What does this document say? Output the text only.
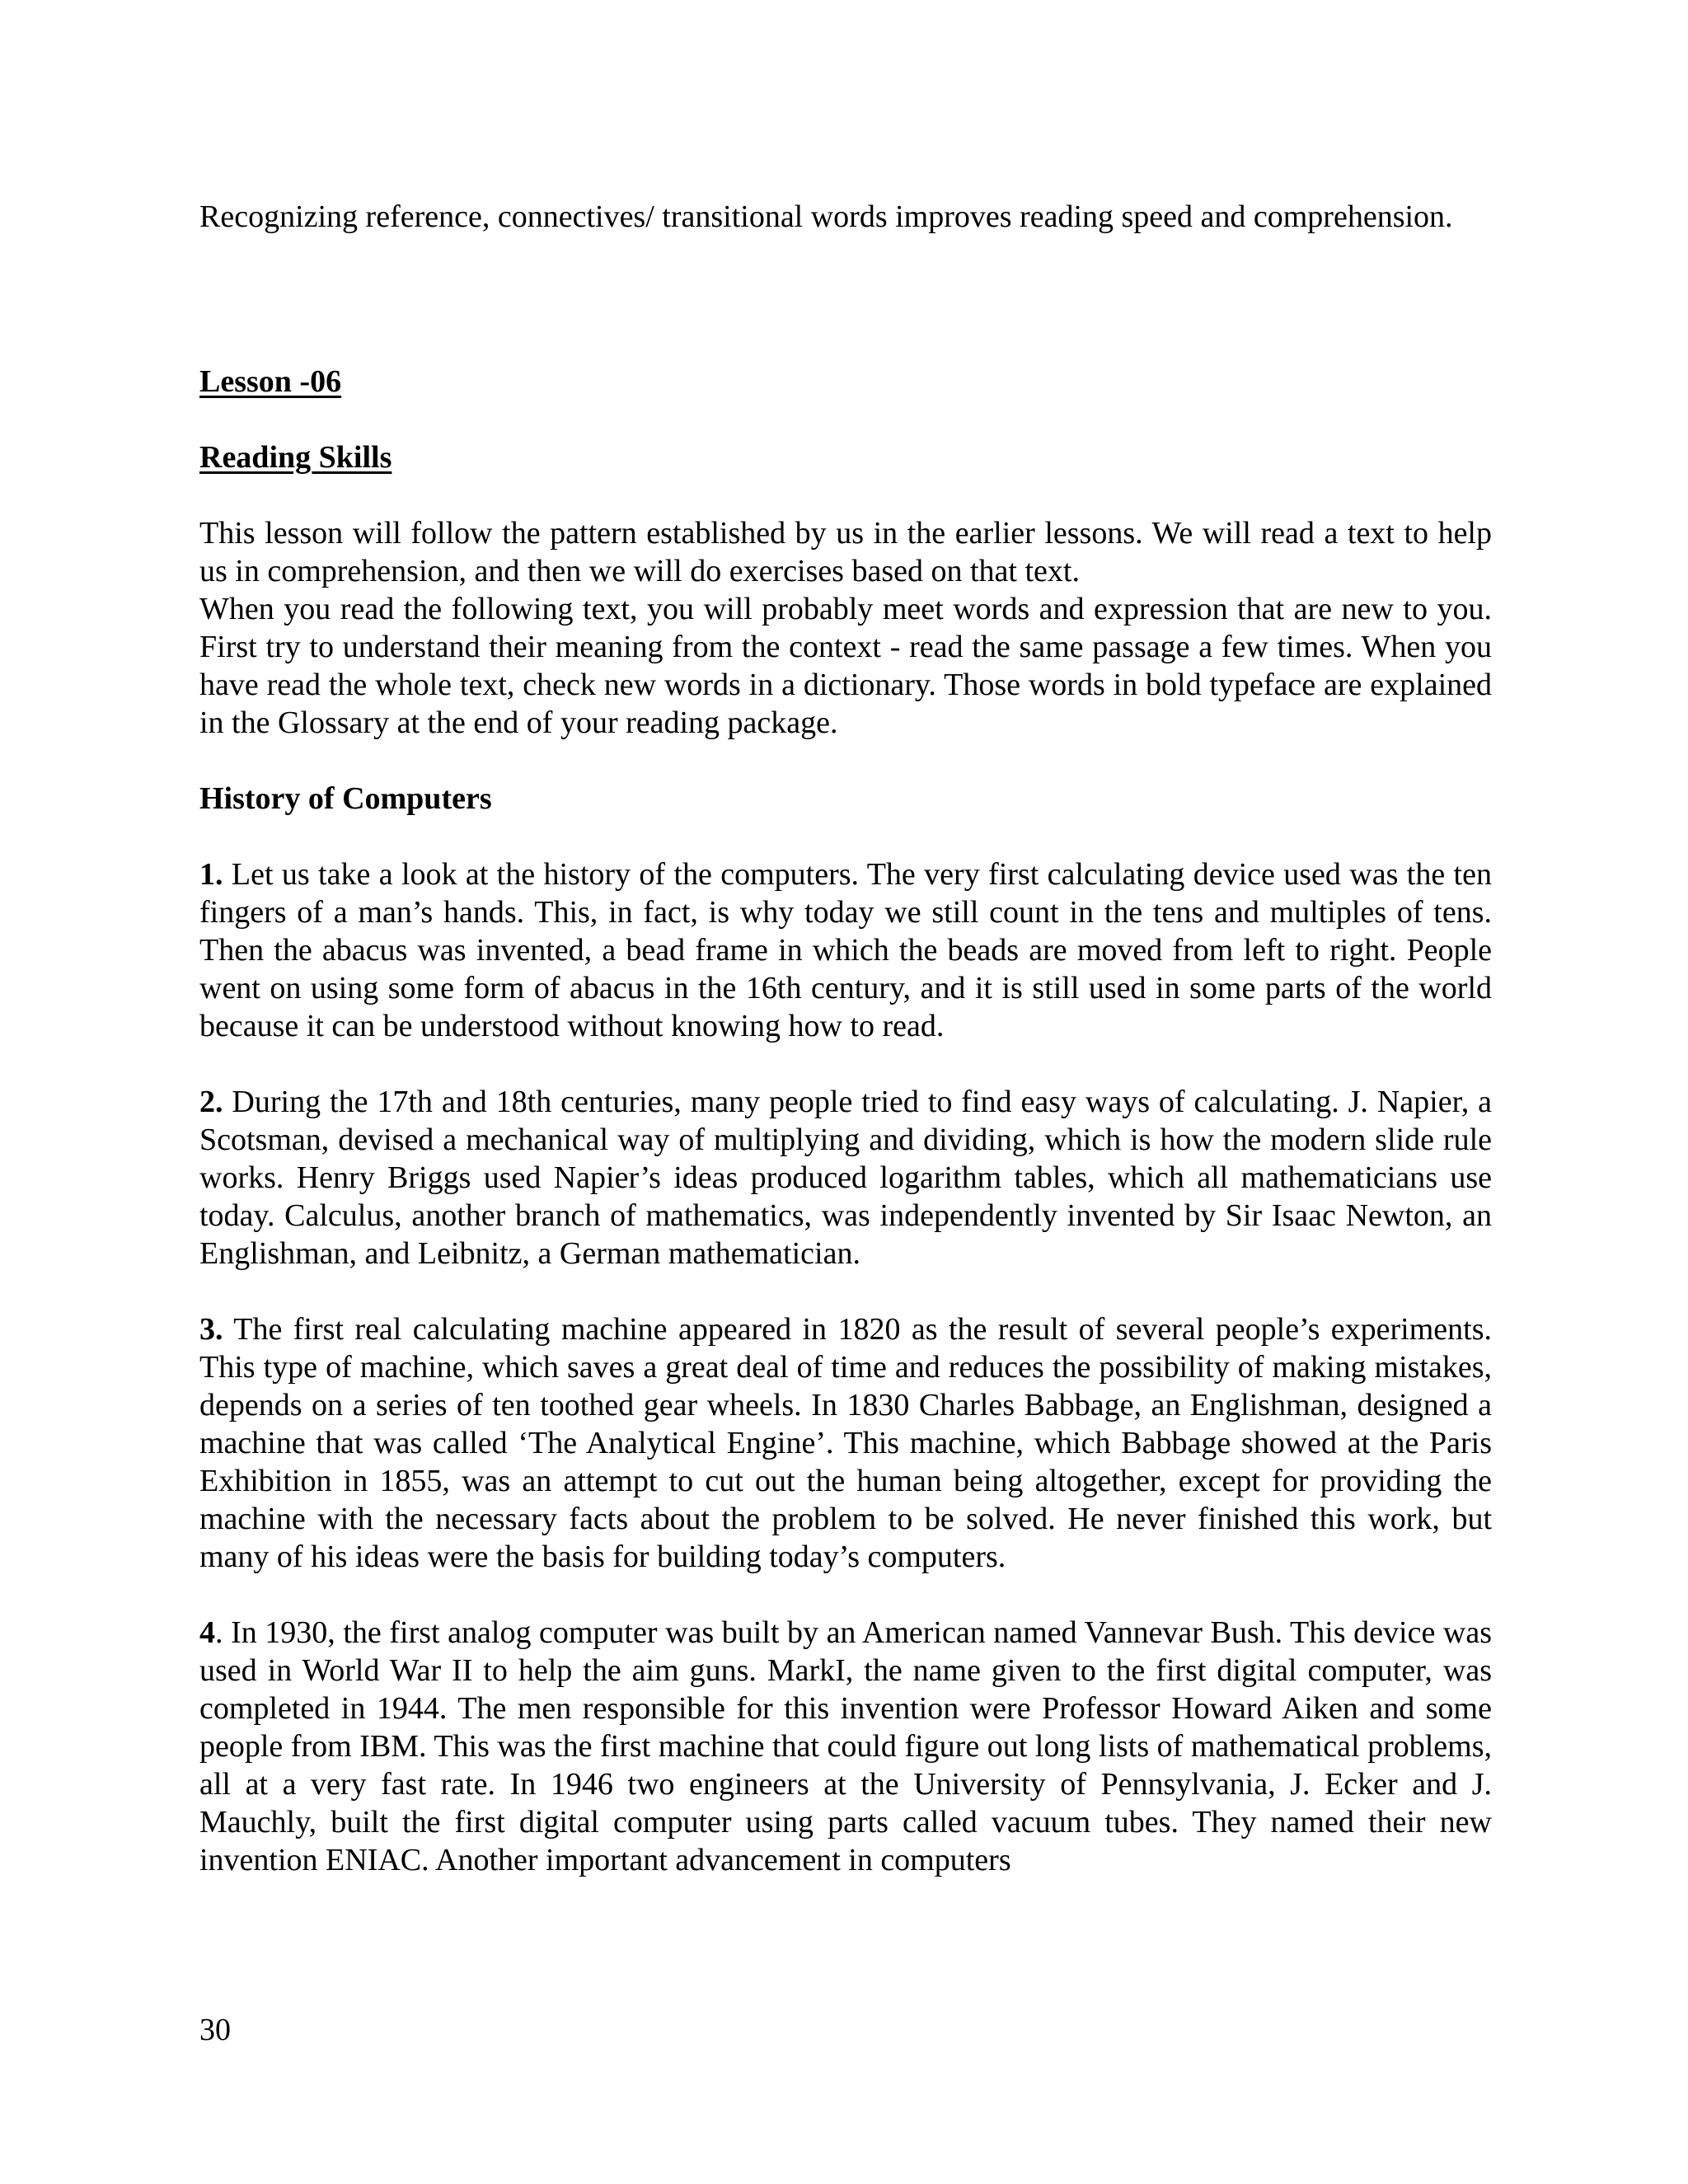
Recognizing reference, connectives/ transitional words improves reading speed and comprehension.

Lesson -06

Reading Skills

This lesson will follow the pattern established by us in the earlier lessons. We will read a text to help us in comprehension, and then we will do exercises based on that text.

When you read the following text, you will probably meet words and expression that are new to you. First try to understand their meaning from the context - read the same passage a few times. When you have read the whole text, check new words in a dictionary. Those words in bold typeface are explained in the Glossary at the end of your reading package.

History of Computers

1. Let us take a look at the history of the computers. The very first calculating device used was the ten fingers of a man’s hands. This, in fact, is why today we still count in the tens and multiples of tens. Then the abacus was invented, a bead frame in which the beads are moved from left to right. People went on using some form of abacus in the 16th century, and it is still used in some parts of the world because it can be understood without knowing how to read.

2. During the 17th and 18th centuries, many people tried to find easy ways of calculating. J. Napier, a Scotsman, devised a mechanical way of multiplying and dividing, which is how the modern slide rule works. Henry Briggs used Napier’s ideas produced logarithm tables, which all mathematicians use today. Calculus, another branch of mathematics, was independently invented by Sir Isaac Newton, an Englishman, and Leibnitz, a German mathematician.

3. The first real calculating machine appeared in 1820 as the result of several people’s experiments. This type of machine, which saves a great deal of time and reduces the possibility of making mistakes, depends on a series of ten toothed gear wheels. In 1830 Charles Babbage, an Englishman, designed a machine that was called ‘The Analytical Engine’. This machine, which Babbage showed at the Paris Exhibition in 1855, was an attempt to cut out the human being altogether, except for providing the machine with the necessary facts about the problem to be solved. He never finished this work, but many of his ideas were the basis for building today’s computers.

4. In 1930, the first analog computer was built by an American named Vannevar Bush. This device was used in World War II to help the aim guns. MarkI, the name given to the first digital computer, was completed in 1944. The men responsible for this invention were Professor Howard Aiken and some people from IBM. This was the first machine that could figure out long lists of mathematical problems, all at a very fast rate. In 1946 two engineers at the University of Pennsylvania, J. Ecker and J. Mauchly, built the first digital computer using parts called vacuum tubes. They named their new invention ENIAC. Another important advancement in computers

30
